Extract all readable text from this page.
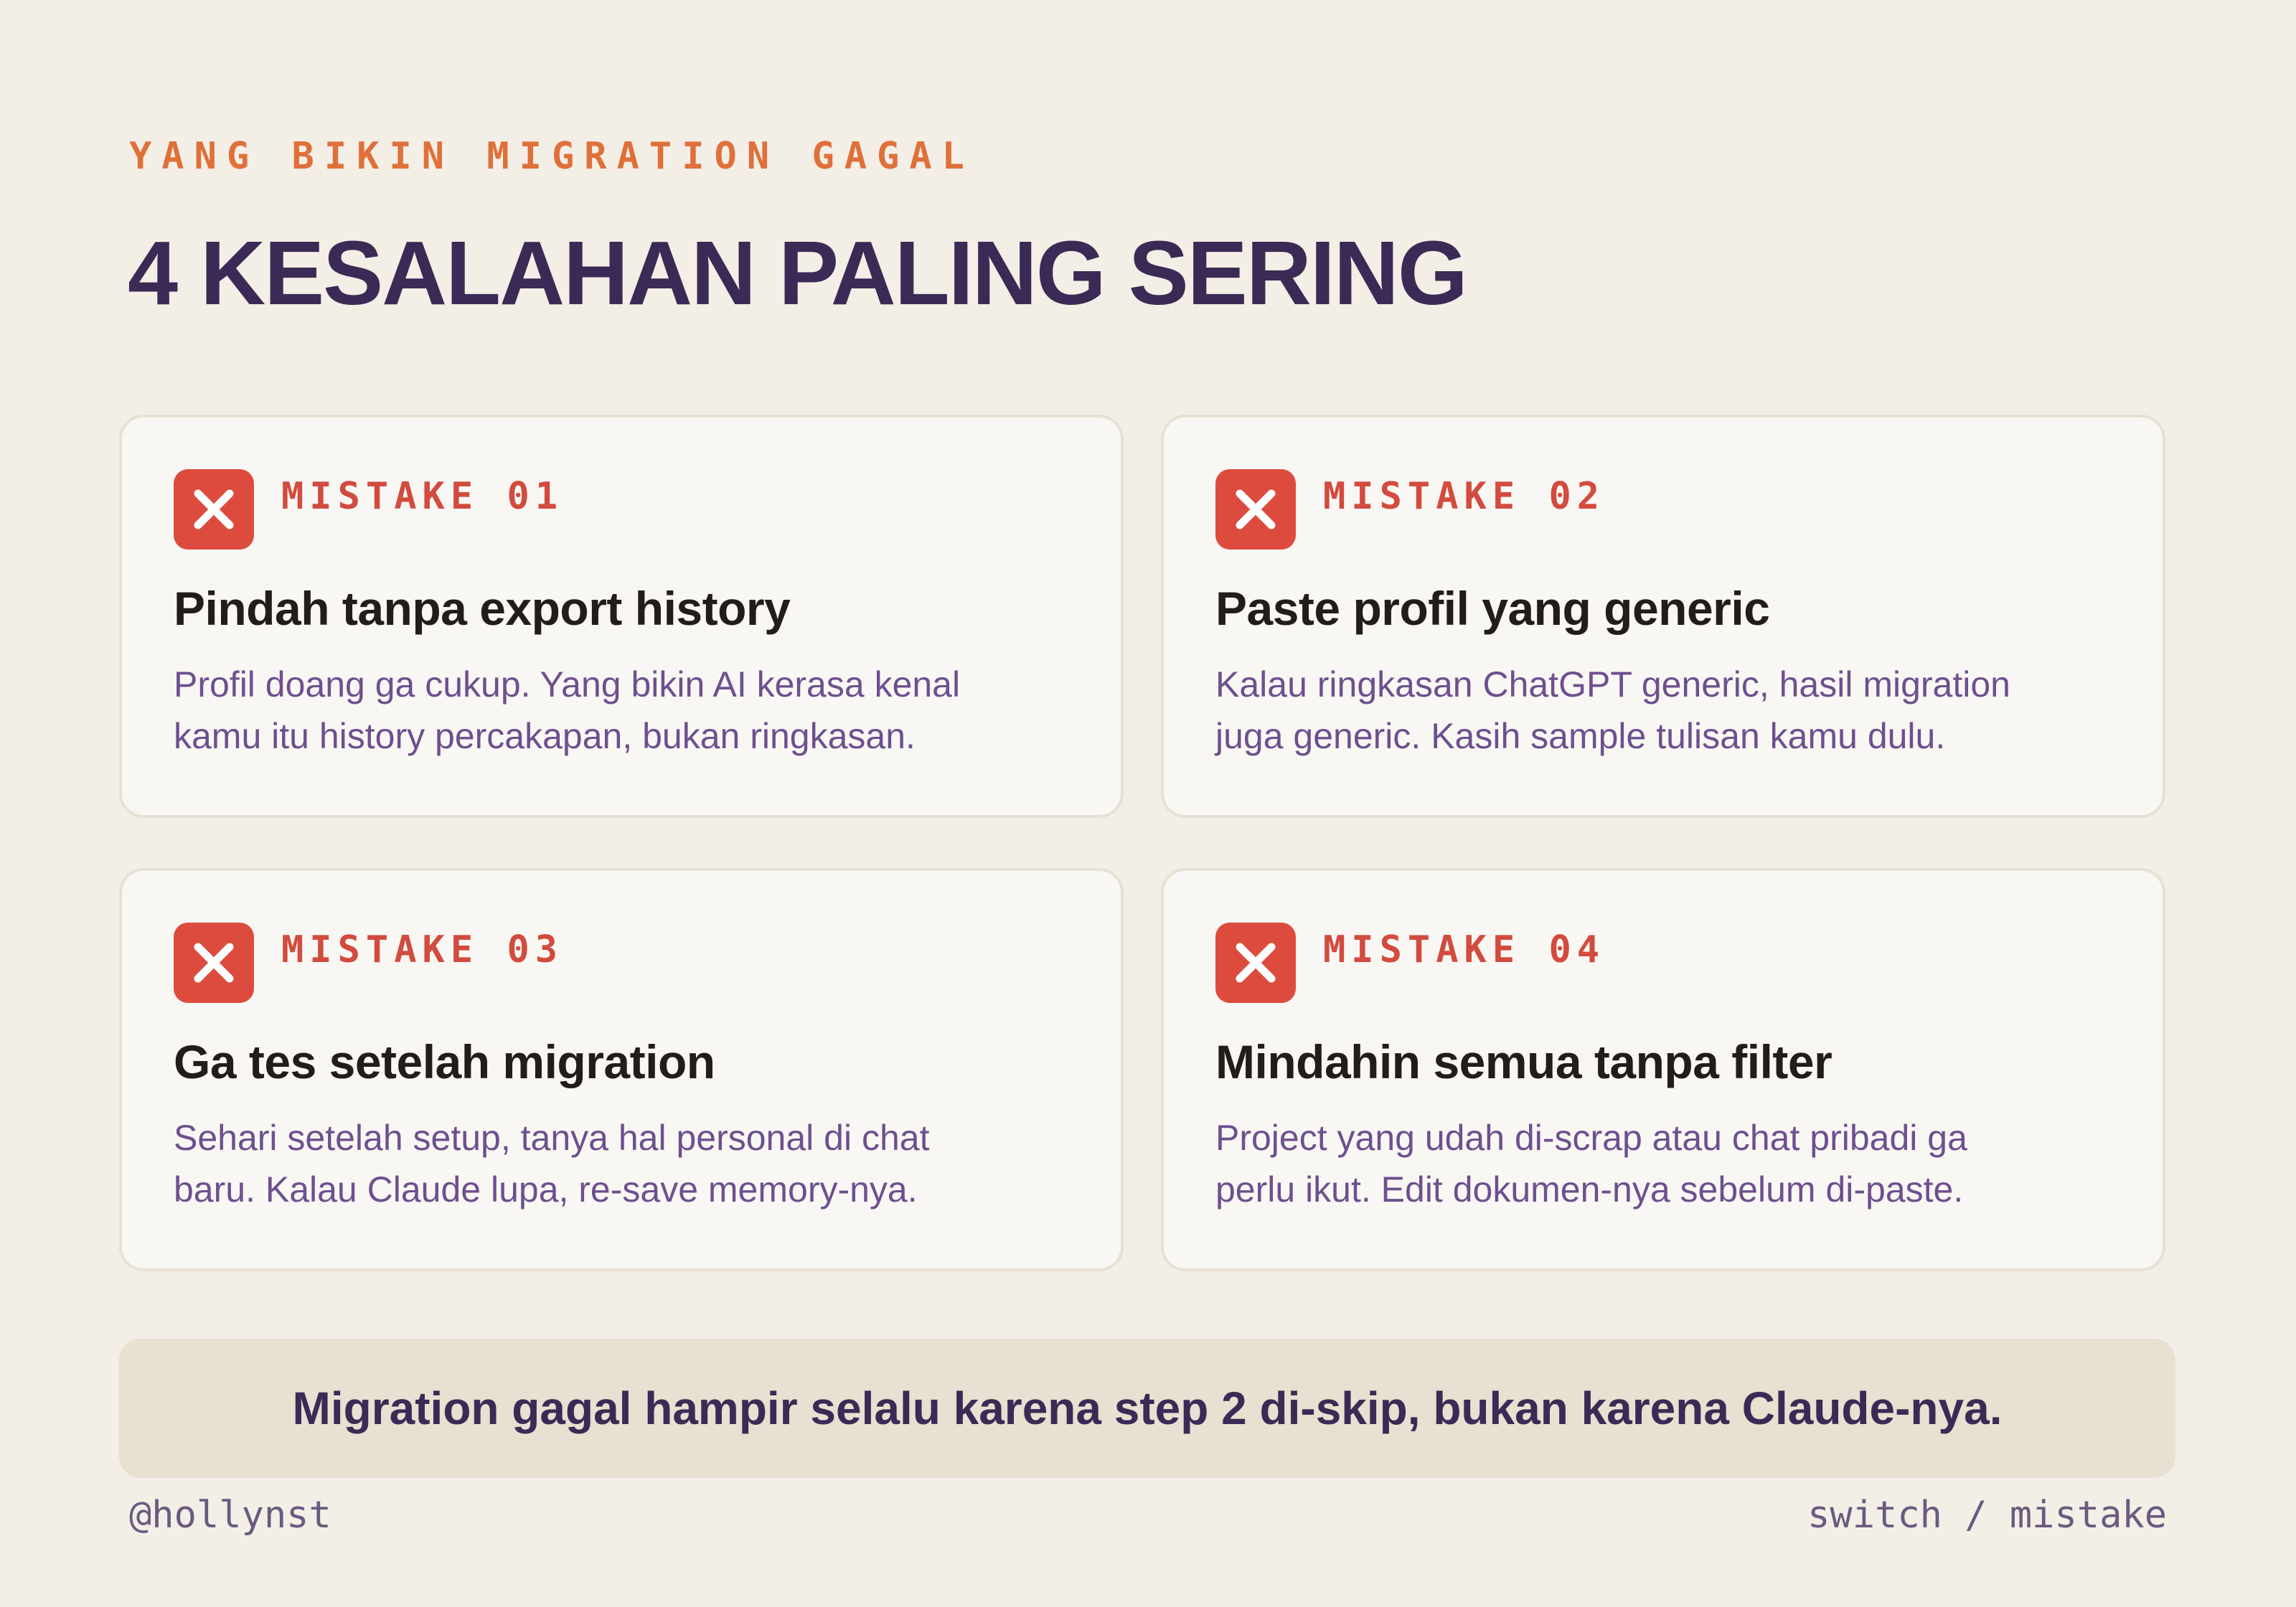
YANG BIKIN MIGRATION GAGAL
4 KESALAHAN PALING SERING
MISTAKE 01
Pindah tanpa export history
Profil doang ga cukup. Yang bikin AI kerasa kenal kamu itu history percakapan, bukan ringkasan.
MISTAKE 02
Paste profil yang generic
Kalau ringkasan ChatGPT generic, hasil migration juga generic. Kasih sample tulisan kamu dulu.
MISTAKE 03
Ga tes setelah migration
Sehari setelah setup, tanya hal personal di chat baru. Kalau Claude lupa, re-save memory-nya.
MISTAKE 04
Mindahin semua tanpa filter
Project yang udah di-scrap atau chat pribadi ga perlu ikut. Edit dokumen-nya sebelum di-paste.
Migration gagal hampir selalu karena step 2 di-skip, bukan karena Claude-nya.
@hollynst	switch / mistake
